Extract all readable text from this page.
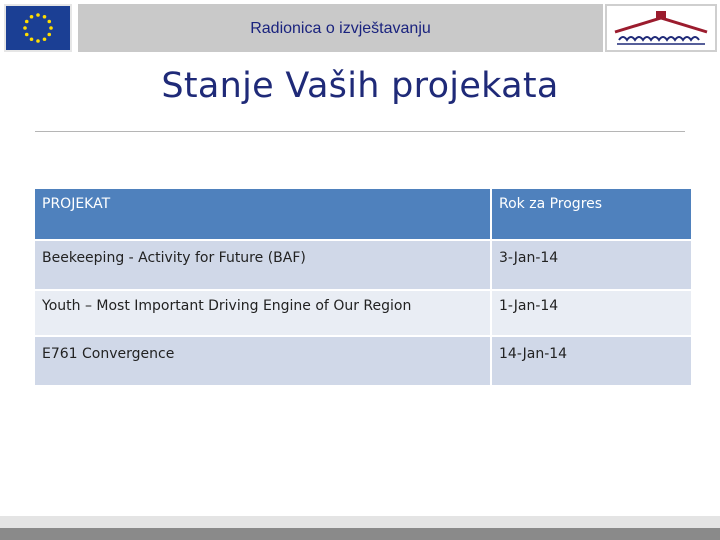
Radionica o izvještavanju
Stanje Vaših projekata
PROJEKAT	Rok za Progres
Beekeeping - Activity for Future (BAF)	3-Jan-14
Youth – Most Important Driving Engine of Our Region	1-Jan-14
E761 Convergence	14-Jan-14
